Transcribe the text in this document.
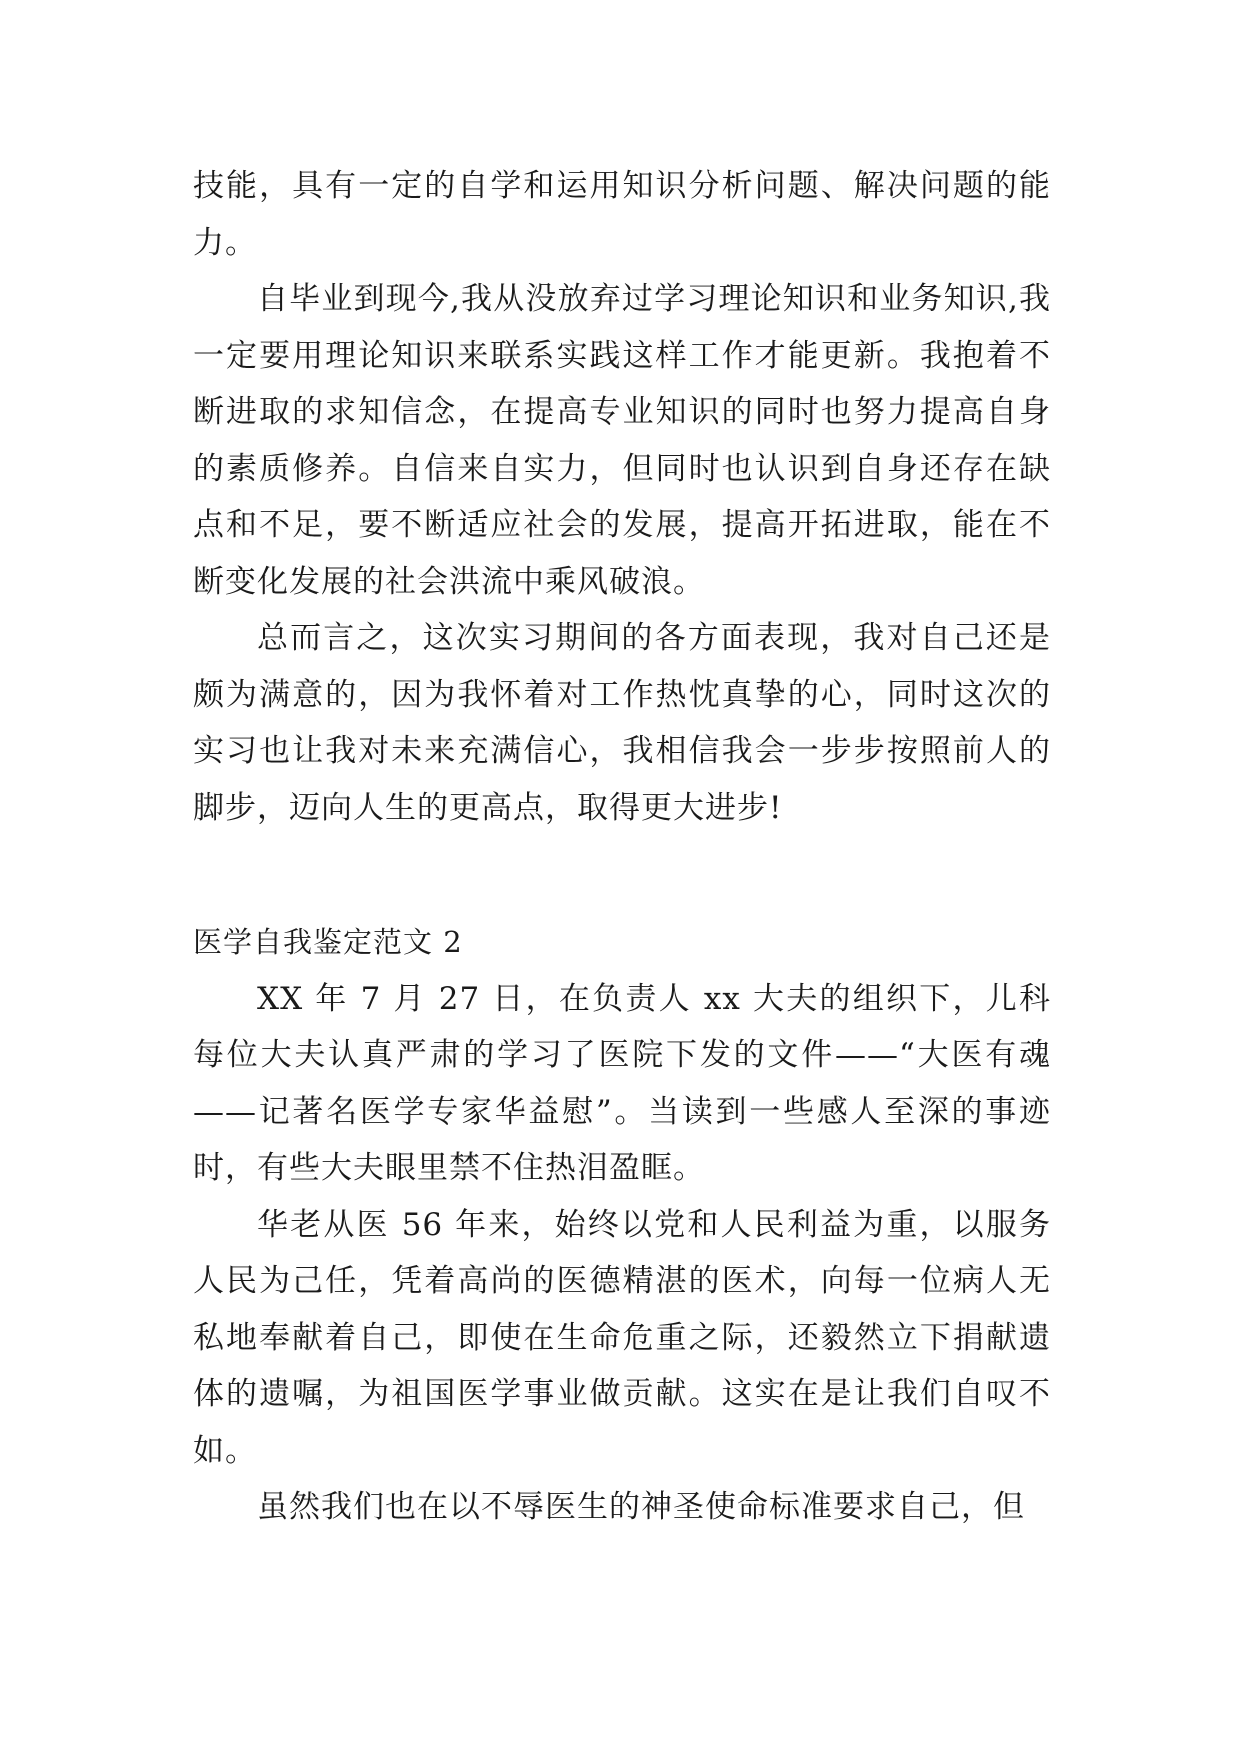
技能，具有一定的自学和运用知识分析问题、解决问题的能力。

自毕业到现今,我从没放弃过学习理论知识和业务知识,我一定要用理论知识来联系实践这样工作才能更新。我抱着不断进取的求知信念，在提高专业知识的同时也努力提高自身的素质修养。自信来自实力，但同时也认识到自身还存在缺点和不足，要不断适应社会的发展，提高开拓进取，能在不断变化发展的社会洪流中乘风破浪。

总而言之，这次实习期间的各方面表现，我对自己还是颇为满意的，因为我怀着对工作热忱真挚的心，同时这次的实习也让我对未来充满信心，我相信我会一步步按照前人的脚步，迈向人生的更高点，取得更大进步!

医学自我鉴定范文 2

XX 年 7 月 27 日，在负责人 xx 大夫的组织下，儿科每位大夫认真严肃的学习了医院下发的文件——“大医有魂——记著名医学专家华益慰”。当读到一些感人至深的事迹时，有些大夫眼里禁不住热泪盈眶。

华老从医 56 年来，始终以党和人民利益为重，以服务人民为己任，凭着高尚的医德精湛的医术，向每一位病人无私地奉献着自己，即使在生命危重之际，还毅然立下捐献遗体的遗嘱，为祖国医学事业做贡献。这实在是让我们自叹不如。

虽然我们也在以不辱医生的神圣使命标准要求自己，但
